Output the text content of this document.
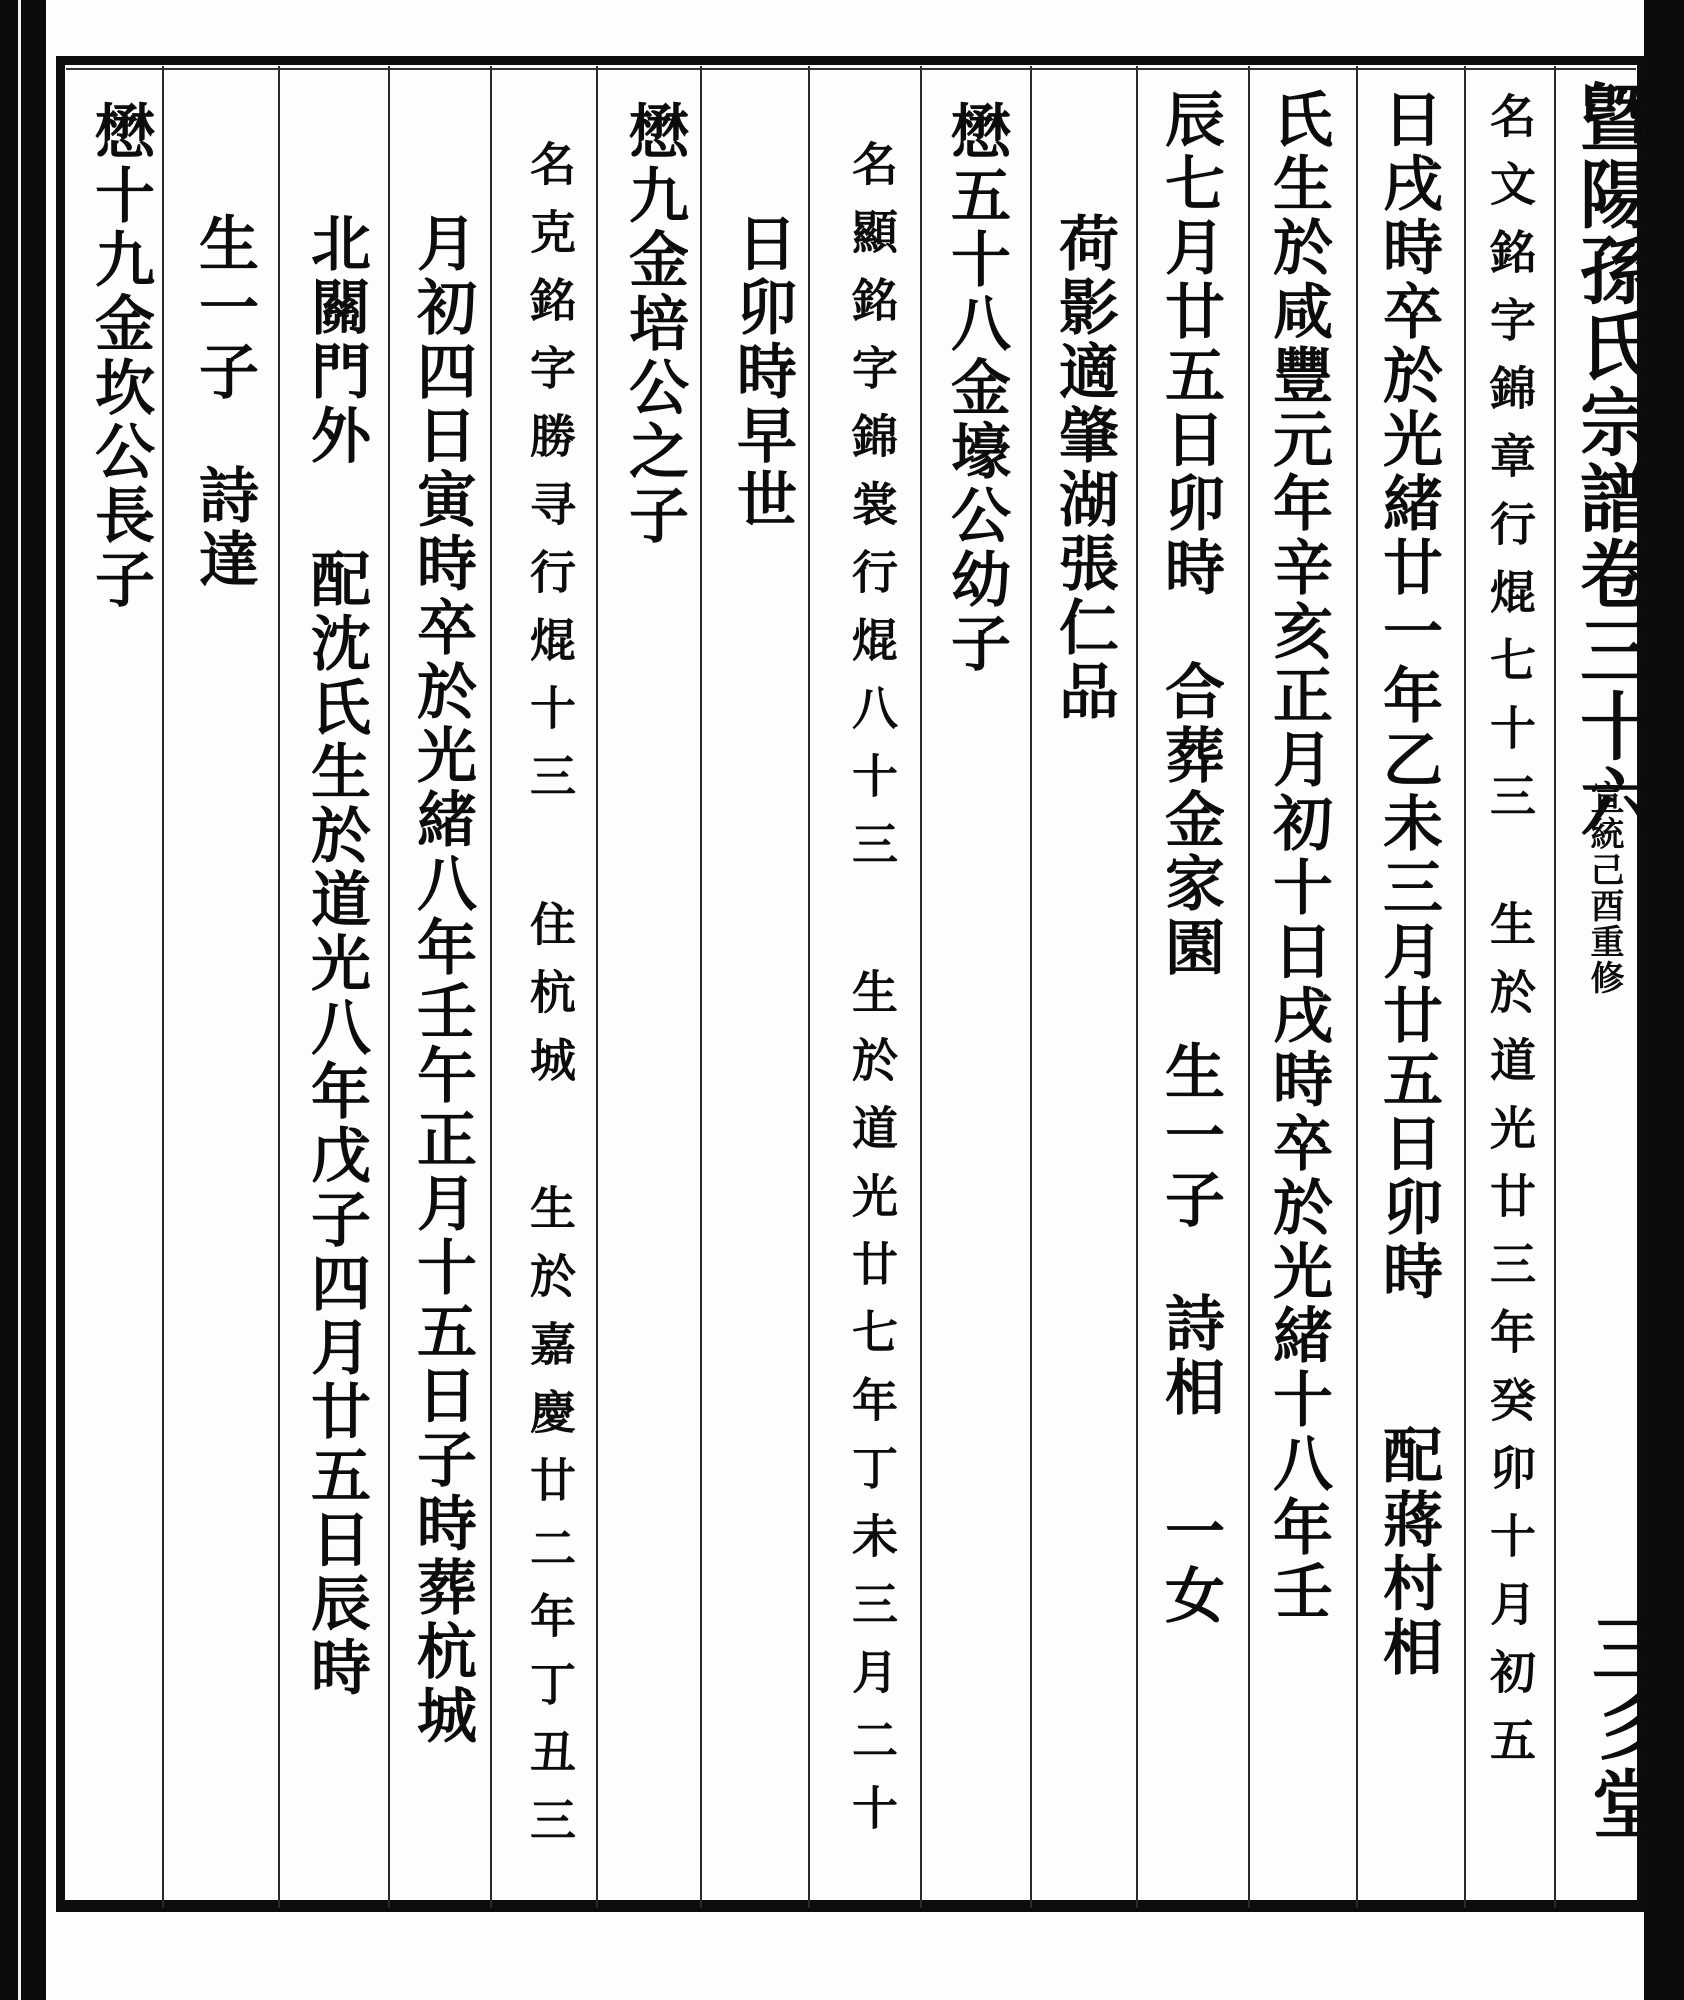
曁陽孫氏宗譜卷三十六
宣統己酉重修
三彡堂
名文銘字錦章行焜七十三生於道光廿三年癸卯十月初五
日戌時卒於光緒廿一年乙未三月廿五日卯時配蔣村相
氏生於咸豐元年辛亥正月初十日戌時卒於光緒十八年壬
辰七月廿五日卯時合葬金家園生一子詩相一女
荷影適肇湖張仁品
懋五十八金壕公幼子
名顯銘字錦裳行焜八十三生於道光廿七年丁未三月二十
日卯時早世
懋九金培公之子
名克銘字勝寻行焜十三住杭城生於嘉慶廿二年丁丑三
月初四日寅時卒於光緒八年壬午正月十五日子時葬杭城
北關門外配沈氏生於道光八年戊子四月廿五日辰時
生一子詩達
懋十九金坎公長子
